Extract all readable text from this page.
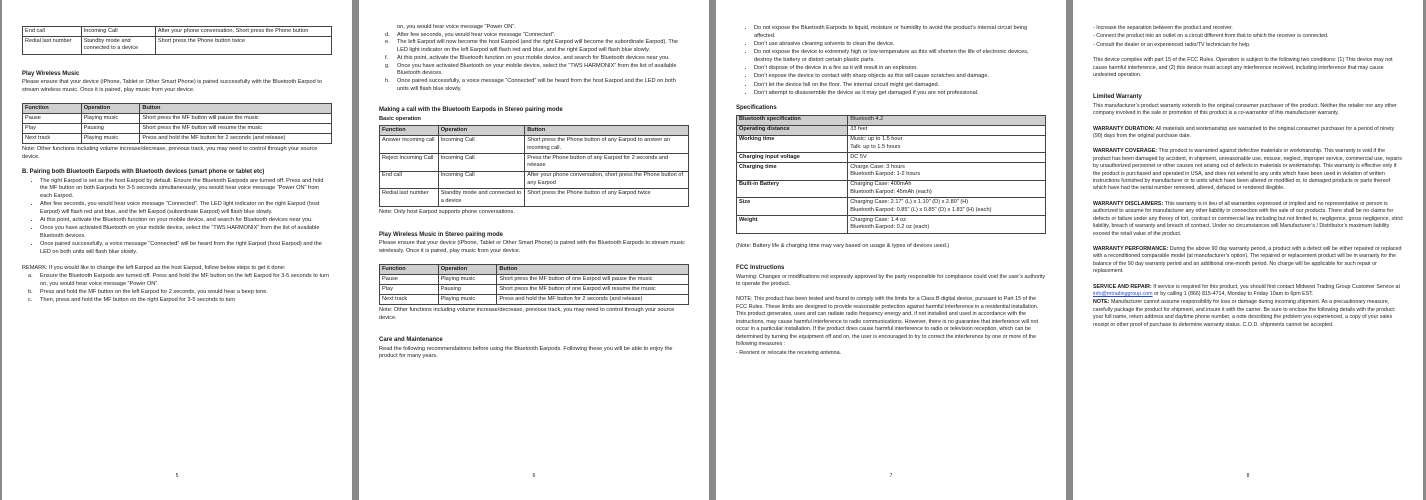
End call	Incoming Call	After your phone conversation, Short press the Phone button
Redial last number	Standby mode and connected to a device	Short press the Phone button twice
Play Wireless Music

Please ensure that your device (iPhone, Tablet or Other Smart Phone) is paired successfully with the Bluetooth Earpod to stream wireless music. Once it is paired, play music from your device.

Function	Operation	Button
Pause	Playing music	Short press the MF button will pause the music
Play	Pausing	Short press the MF button will resume the music
Next track	Playing music	Press and hold the MF button for 2 seconds (and release)

Note: Other functions including volume increase/decrease, previous track, you may need to control through your source device.

B. Pairing both Bluetooth Earpods with Bluetooth devices (smart phone or tablet etc)
• The right Earpod is set as the host Earpod by default. Ensure the Bluetooth Earpods are turned off. Press and hold the MF button on both Earpods for 3-5 seconds simultaneously, you would hear voice message “Power ON” from each Earpod.
• After few seconds, you would hear voice message “Connected”. The LED light indicator on the right Earpod (host Earpod) will flash red and blue, and the left Earpod (subordinate Earpod) will flash blue slowly.
• At this point, activate the Bluetooth function on your mobile device, and search for Bluetooth devices near you.
• Once you have activated Bluetooth on your mobile device, select the “TWS HARMONIX” from the list of available Bluetooth devices.
• Once paired successfully, a voice message “Connected” will be heard from the right Earpod (host Earpod) and the LED on both units will flash blue slowly.

REMARK: If you would like to change the left Earpod as the host Earpod, follow below steps to get it done:

a. Ensure the Bluetooth Earpods are turned off. Press and hold the MF button on the left Earpod for 3-5 seconds to turn on, you would hear voice message “Power ON”.
b. Press and hold the MF button on the left Earpod for 2 seconds, you would hear a beep tone.
c. Then, press and hold the MF button on the right Earpod for 3-5 seconds to turn
5
on, you would hear voice message “Power ON”.
d. After few seconds, you would hear voice message “Connected”.
e. The left Earpod will now become the host Earpod (and the right Earpod will become the subordinate Earpod). The LED light indicator on the left Earpod will flash red and blue, and the right Earpod will flash blue slowly.
f. At this point, activate the Bluetooth function on your mobile device, and search for Bluetooth devices near you.
g. Once you have activated Bluetooth on your mobile device, select the “TWS HARMONIX” from the list of available Bluetooth devices.
h. Once paired successfully, a voice message “Connected” will be heard from the host Earpod and the LED on both units will flash blue slowly.
Making a call with the Bluetooth Earpods in Stereo pairing mode

Basic operation

Function	Operation	Button
Answer incoming call	Incoming Call	Short press the Phone button of any Earpod to answer an incoming call.
Reject Incoming Call	Incoming Call	Press the Phone button of any Earpod for 2 seconds and release
End call	Incoming Call	After your phone conversation, short press the Phone button of any Earpod
Redial last number	Standby mode and connected to a device	Short press the Phone button of any Earpod twice

Note: Only host Earpod supports phone conversations.

Play Wireless Music in Stereo pairing mode

Please ensure that your device (iPhone, Tablet or Other Smart Phone) is paired with the Bluetooth Earpods to stream music wirelessly. Once it is paired, play music from your device.

Function	Operation	Button
Pause	Playing music	Short press the MF button of one Earpod will pause the music
Play	Pausing	Short press the MF button of one Earpod will resume the music
Next track	Playing music	Press and hold the MF button for 2 seconds (and release)

Note: Other functions including volume increase/decrease, previous track, you may need to control through your source device.

Care and Maintenance

Read the following recommendations before using the Bluetooth Earpods. Following these you will be able to enjoy the product for many years.

6
• Do not expose the Bluetooth Earpods to liquid, moisture or humidity to avoid the product’s internal circuit being affected.
• Don’t use abrasive cleaning solvents to clean the device.
• Do not expose the device to extremely high or low temperature as this will shorten the life of electronic devices, destroy the battery or distort certain plastic parts.
• Don’t dispose of the device in a fire as it will result in an explosion.
• Don’t expose the device to contact with sharp objects as this will cause scratches and damage.
• Don’t let the device fall on the floor. The internal circuit might get damaged.
• Don’t attempt to disassemble the device as it may get damaged if you are not professional.
Specifications
Bluetooth specification	Bluetooth 4.2
Operating distance	33 feet
Working time	Music: up to 1.5 hour
Talk: up to 1.5 hours
Charging input voltage	DC 5V
Charging time	Charge Case: 3 hours
Bluetooth Earpod: 1-2 hours
Built-in Battery	Charging Case: 400mAh
Bluetooth Earpod: 45mAh (each)
Size	Charging Case: 2.17" (L) x 1.10" (D) x 2.80" (H)
Bluetooth Earpod: 0.85" (L) x 0.85" (D) x 1.83" (H) (each)
Weight	Charging Case: 1.4 oz
Bluetooth Earpod: 0.2 oz (each)

(Note: Battery life & charging time may vary based on usage & types of devices used.)

FCC Instructions

Warning: Changes or modifications not expressly approved by the party responsible for compliance could void the user’s authority to operate the product.

NOTE: This product has been tested and found to comply with the limits for a Class B digital device, pursuant to Part 15 of the FCC Rules. These limits are designed to provide reasonable protection against harmful interference in a residential installation. This product generates, uses and can radiate radio frequency energy and, if not installed and used in accordance with the instructions, may cause harmful interference to radio communications. However, there is no guarantee that interference will not occur in a particular installation. If the product does cause harmful interference to radio or television reception, which can be determined by turning the equipment off and on, the user is encouraged to try to correct the interference by one or more of the following measures :

- Reorient or relocate the receiving antenna.

7

- Increase the separation between the product and receiver.

- Connect the product into an outlet on a circuit different from that to which the receiver is connected.

- Consult the dealer or an experienced radio/TV technician for help.

This device complies with part 15 of the FCC Rules. Operation is subject to the following two conditions: (1) This device may not cause harmful interference, and (2) this device must accept any interference received, including interference that may cause undesired operation.

Limited Warranty

This manufacturer’s product warranty extends to the original consumer purchaser of the product. Neither the retailer nor any other company involved in the sale or promotion of this product is a co-warrantor of this manufacturer warranty.

WARRANTY DURATION: All materials and workmanship are warranted to the original consumer purchaser for a period of ninety (90) days from the original purchase date.

WARRANTY COVERAGE: This product is warranted against defective materials or workmanship. This warranty is void if the product has been damaged by accident, in shipment, unreasonable use, misuse, neglect, improper service, commercial use, repairs by unauthorized personnel or other causes not arising out of defects in materials or workmanship. This warranty is effective only if the product is purchased and operated in USA, and does not extend to any units which have been used in violation of written instructions furnished by manufacturer or to units which have been altered or modified or, to damaged products or parts thereof which have had the serial number removed, altered, defaced or rendered illegible.

WARRANTY DISCLAIMERS: This warranty is in lieu of all warranties expressed or implied and no representative or person is authorized to assume for manufacturer any other liability in connection with the sale of our products. There shall be no claims for defects or failure under any theory of tort, contract or commercial law including but not limited to, negligence, gross negligence, strict liability, breach of warranty and breach of contract. Under no circumstances will Manufacturer’s / Distributor’s maximum liability exceed the retail value of the product.

WARRANTY PERFORMANCE: During the above 90 day warranty period, a product with a defect will be either repaired or replaced with a reconditioned comparable model (at manufacturer’s option). The repaired or replacement product will be in warranty for the balance of the 90 day warranty period and an additional one-month period. No charge will be applicable for such repair or replacement.

SERVICE AND REPAIR: If service is required for this product, you should first contact Midwest Trading Group Customer Service at info@mtradinggroup.com or by calling 1 (866) 815-4714, Monday to Friday 10am to 6pm EST.

NOTE: Manufacturer cannot assume responsibility for loss or damage during incoming shipment. As a precautionary measure, carefully package the product for shipment, and insure it with the carrier. Be sure to enclose the following details with the product: your full name, return address and daytime phone number, a note describing the problem you experienced, a copy of your sales receipt or other proof of purchase to determine warranty status. C.O.D. shipments cannot be accepted.

8
